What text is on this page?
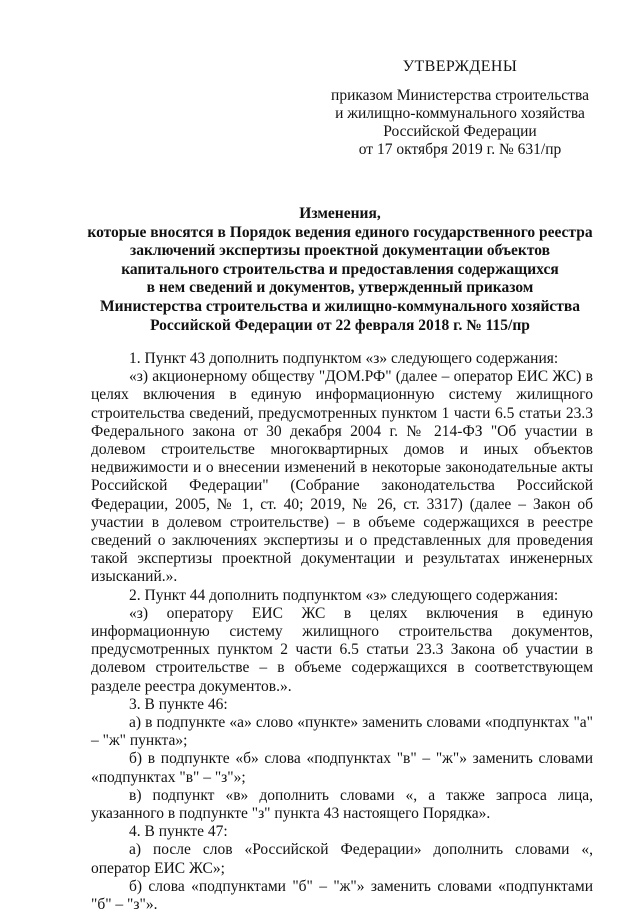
УТВЕРЖДЕНЫ
приказом Министерства строительства
и жилищно-коммунального хозяйства
Российской Федерации
от 17 октября 2019 г. № 631/пр
Изменения,
которые вносятся в Порядок ведения единого государственного реестра
заключений экспертизы проектной документации объектов
капитального строительства и предоставления содержащихся
в нем сведений и документов, утвержденный приказом
Министерства строительства и жилищно-коммунального хозяйства
Российской Федерации от 22 февраля 2018 г. № 115/пр

1. Пункт 43 дополнить подпунктом «з» следующего содержания:

«з) акционерному обществу "ДОМ.РФ" (далее – оператор ЕИС ЖС) в целях включения в единую информационную систему жилищного строительства сведений, предусмотренных пунктом 1 части 6.5 статьи 23.3 Федерального закона от 30 декабря 2004 г. № 214-ФЗ "Об участии в долевом строительстве многоквартирных домов и иных объектов недвижимости и о внесении изменений в некоторые законодательные акты Российской Федерации" (Собрание законодательства Российской Федерации, 2005, № 1, ст. 40; 2019, № 26, ст. 3317) (далее – Закон об участии в долевом строительстве) – в объеме содержащихся в реестре сведений о заключениях экспертизы и о представленных для проведения такой экспертизы проектной документации и результатах инженерных изысканий.».

2. Пункт 44 дополнить подпунктом «з» следующего содержания:

«з) оператору ЕИС ЖС в целях включения в единую информационную систему жилищного строительства документов, предусмотренных пунктом 2 части 6.5 статьи 23.3 Закона об участии в долевом строительстве – в объеме содержащихся в соответствующем разделе реестра документов.».

3. В пункте 46:

а) в подпункте «а» слово «пункте» заменить словами «подпунктах "а" – "ж" пункта»;

б) в подпункте «б» слова «подпунктах "в" – "ж"» заменить словами «подпунктах "в" – "з"»;

в) подпункт «в» дополнить словами «, а также запроса лица, указанного в подпункте "з" пункта 43 настоящего Порядка».

4. В пункте 47:

а) после слов «Российской Федерации» дополнить словами «, оператор ЕИС ЖС»;

б) слова «подпунктами "б" – "ж"» заменить словами «подпунктами "б" – "з"».
